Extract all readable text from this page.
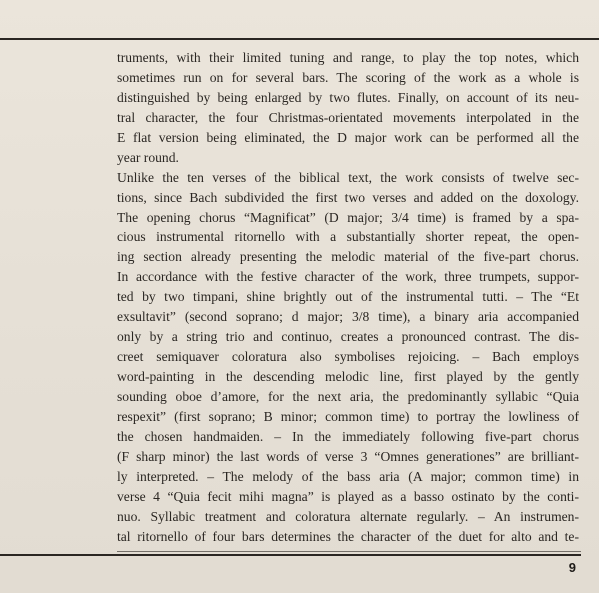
truments, with their limited tuning and range, to play the top notes, which
sometimes run on for several bars. The scoring of the work as a whole is
distinguished by being enlarged by two flutes. Finally, on account of its neu-
tral character, the four Christmas-orientated movements interpolated in the
E flat version being eliminated, the D major work can be performed all the
year round.
Unlike the ten verses of the biblical text, the work consists of twelve sec-
tions, since Bach subdivided the first two verses and added on the doxology.
The opening chorus “Magnificat” (D major; 3/4 time) is framed by a spa-
cious instrumental ritornello with a substantially shorter repeat, the open-
ing section already presenting the melodic material of the five-part chorus.
In accordance with the festive character of the work, three trumpets, suppor-
ted by two timpani, shine brightly out of the instrumental tutti. – The “Et
exsultavit” (second soprano; d major; 3/8 time), a binary aria accompanied
only by a string trio and continuo, creates a pronounced contrast. The dis-
creet semiquaver coloratura also symbolises rejoicing. – Bach employs
word-painting in the descending melodic line, first played by the gently
sounding oboe d’amore, for the next aria, the predominantly syllabic “Quia
respexit” (first soprano; B minor; common time) to portray the lowliness of
the chosen handmaiden. – In the immediately following five-part chorus
(F sharp minor) the last words of verse 3 “Omnes generationes” are brilliant-
ly interpreted. – The melody of the bass aria (A major; common time) in
verse 4 “Quia fecit mihi magna” is played as a basso ostinato by the conti-
nuo. Syllabic treatment and coloratura alternate regularly. – An instrumen-
tal ritornello of four bars determines the character of the duet for alto and te-
9
